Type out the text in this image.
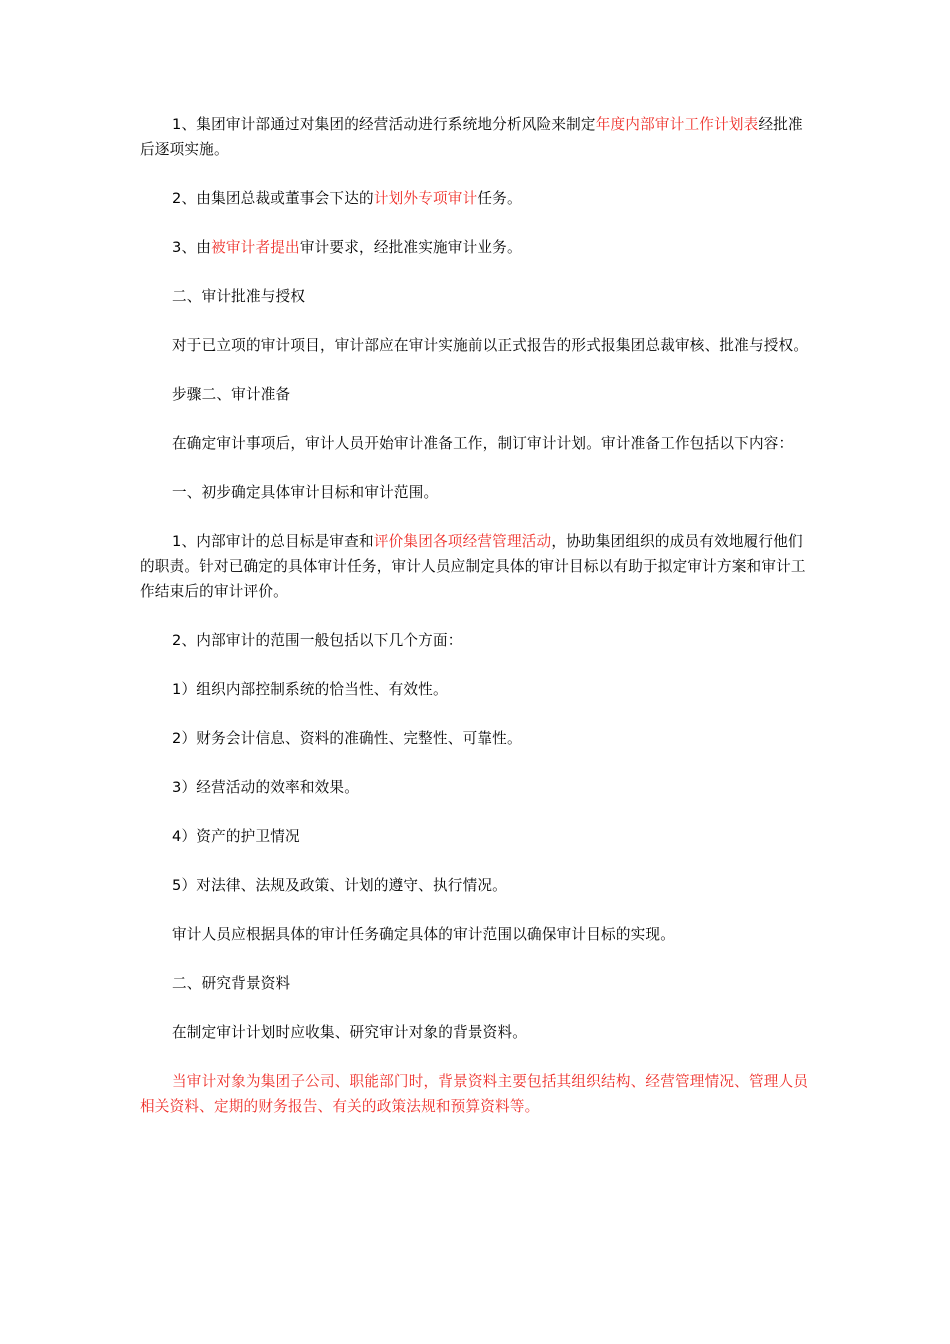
1、集团审计部通过对集团的经营活动进行系统地分析风险来制定年度内部审计工作计划表经批准后逐项实施。

2、由集团总裁或董事会下达的计划外专项审计任务。

3、由被审计者提出审计要求，经批准实施审计业务。

二、审计批准与授权

对于已立项的审计项目，审计部应在审计实施前以正式报告的形式报集团总裁审核、批准与授权。

步骤二、审计准备

在确定审计事项后，审计人员开始审计准备工作，制订审计计划。审计准备工作包括以下内容：

一、初步确定具体审计目标和审计范围。

1、内部审计的总目标是审查和评价集团各项经营管理活动，协助集团组织的成员有效地履行他们的职责。针对已确定的具体审计任务，审计人员应制定具体的审计目标以有助于拟定审计方案和审计工作结束后的审计评价。

2、内部审计的范围一般包括以下几个方面：

1）组织内部控制系统的恰当性、有效性。

2）财务会计信息、资料的准确性、完整性、可靠性。

3）经营活动的效率和效果。

4）资产的护卫情况

5）对法律、法规及政策、计划的遵守、执行情况。

审计人员应根据具体的审计任务确定具体的审计范围以确保审计目标的实现。

二、研究背景资料

在制定审计计划时应收集、研究审计对象的背景资料。

当审计对象为集团子公司、职能部门时，背景资料主要包括其组织结构、经营管理情况、管理人员相关资料、定期的财务报告、有关的政策法规和预算资料等。
